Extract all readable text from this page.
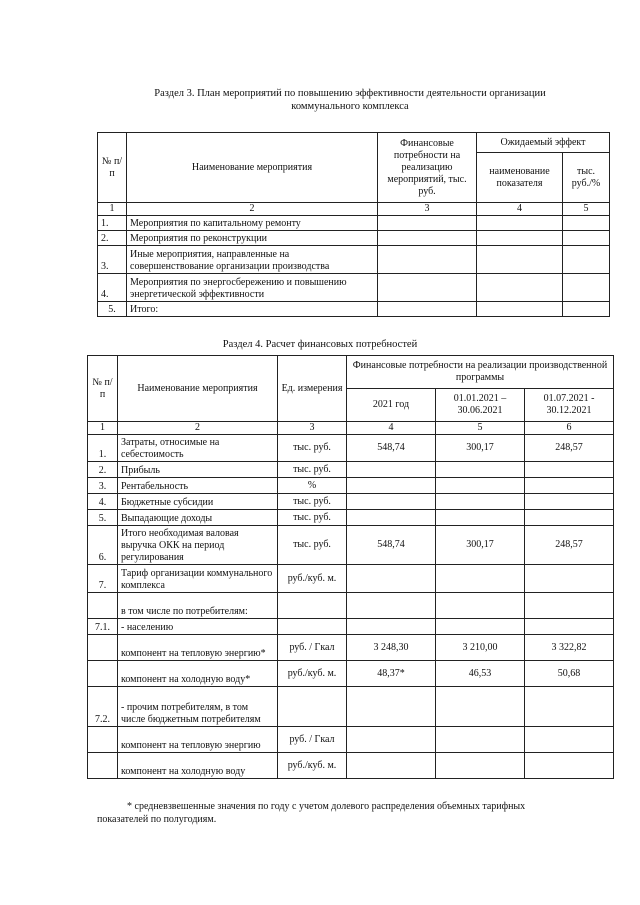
Раздел 3. План мероприятий по повышению эффективности деятельности организации
коммунального комплекса
№ п/п	Наименование мероприятия	Финансовые потребности на реализацию мероприятий, тыс. руб.	Ожидаемый эффект	
			наименование показателя	тыс. руб./%
1	2	3	4	5
1.	Мероприятия по капитальному ремонту			
2.	Мероприятия по реконструкции			
3.	Иные мероприятия, направленные на совершенствование организации производства			
4.	Мероприятия по энергосбережению и повышению энергетической эффективности			
5.	Итого:			
Раздел 4. Расчет финансовых потребностей
№ п/п	Наименование мероприятия	Ед. измерения	Финансовые потребности на реализации производственной программы		
			2021 год	01.01.2021 – 30.06.2021	01.07.2021 - 30.12.2021
1	2	3	4	5	6
1.	Затраты, относимые на себестоимость	тыс. руб.	548,74	300,17	248,57
2.	Прибыль	тыс. руб.			
3.	Рентабельность	%			
4.	Бюджетные субсидии	тыс. руб.			
5.	Выпадающие доходы	тыс. руб.			
6.	Итого необходимая валовая выручка ОКК на период регулирования	тыс. руб.	548,74	300,17	248,57
7.	Тариф организации коммунального комплекса	руб./куб. м.			
	в том числе по потребителям:				
7.1.	- населению				
	компонент на тепловую энергию*	руб. / Гкал	3 248,30	3 210,00	3 322,82
	компонент на холодную воду*	руб./куб. м.	48,37*	46,53	50,68
7.2.	- прочим потребителям, в том числе бюджетным потребителям				
	компонент на тепловую энергию	руб. / Гкал			
	компонент на холодную воду	руб./куб. м.			
* средневзвешенные значения по году с учетом долевого распределения объемных тарифных
показателей по полугодиям.
